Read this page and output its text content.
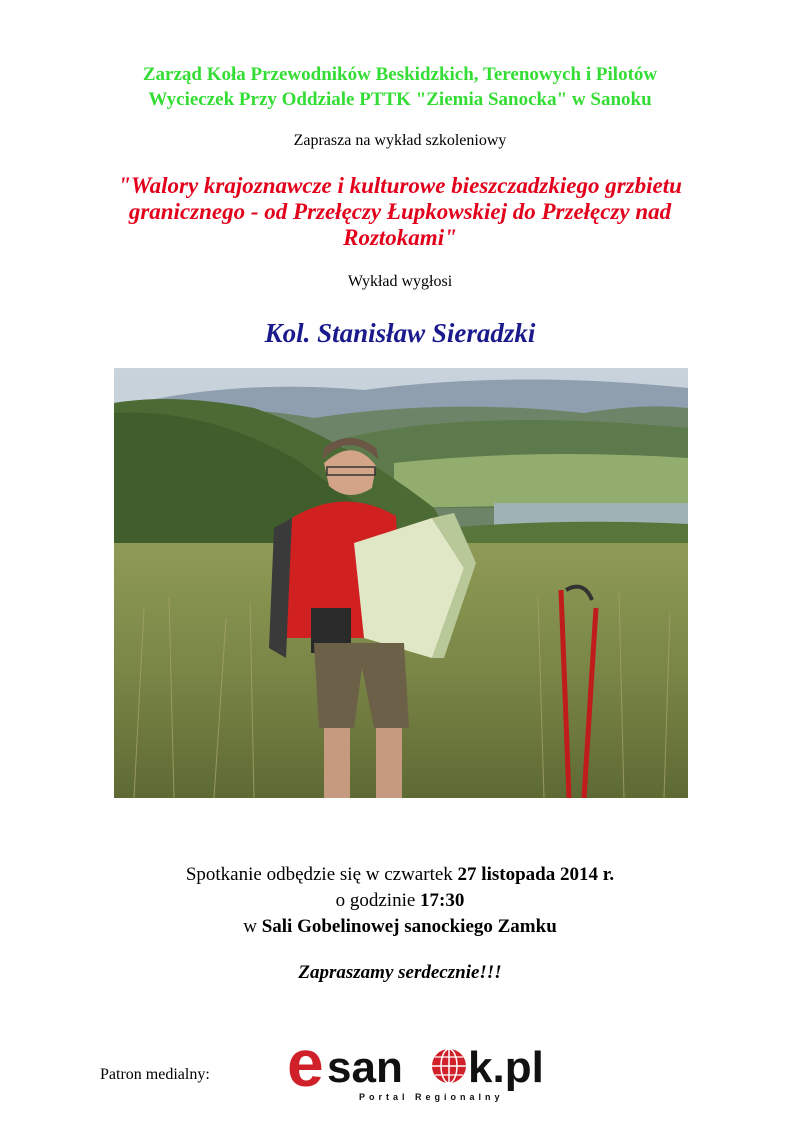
Zarząd Koła Przewodników Beskidzkich, Terenowych i Pilotów
Wycieczek Przy Oddziale PTTK "Ziemia Sanocka" w Sanoku
Zaprasza na wykład szkoleniowy
"Walory krajoznawcze i kulturowe bieszczadzkiego grzbietu
granicznego - od Przełęczy Łupkowskiej do Przełęczy nad
Roztokami"
Wykład wygłosi
Kol. Stanisław Sieradzki
Spotkanie odbędzie się w czwartek 27 listopada 2014 r.
o godzinie 17:30
w Sali Gobelinowej sanockiego Zamku
Zapraszamy serdecznie!!!
Patron medialny: e san k.pl
Portal Regionalny
